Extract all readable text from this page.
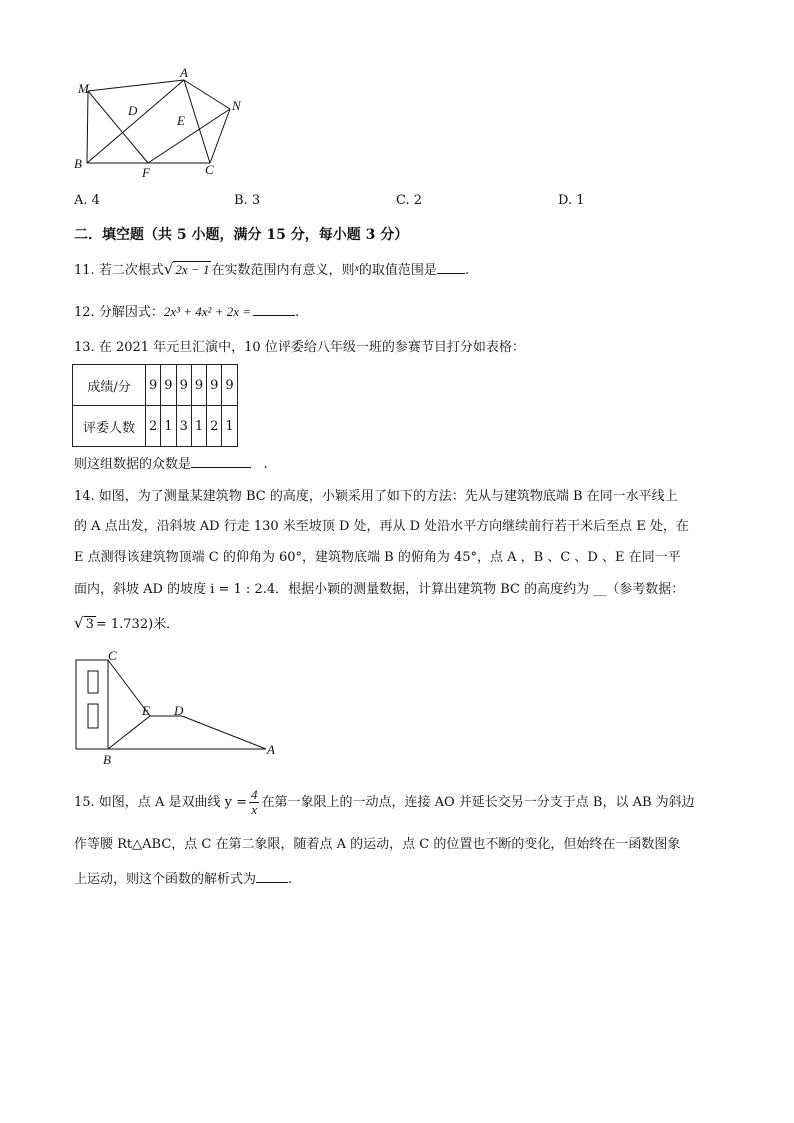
M
A
N
D
E
B
F	C
A. 4	B. 3	C. 2	D. 1
二．填空题（共 5 小题，满分 15 分，每小题 3 分）
11. 若二次根式√ 2x − 1 在实数范围内有意义，则$^x$的取值范围是 .
12. 分解因式：2x³ + 4x² + 2x =	.
13. 在 2021 年元旦汇演中，10 位评委给八年级一班的参赛节目打分如表格：
成绩/分	9	9	9	9	9	9
评委人数	2	1	3	1	2	1
则这组数据的众数是	.
14. 如图，为了测量某建筑物 BC 的高度，小颖采用了如下的方法：先从与建筑物底端 B 在同一水平线上
的 A 点出发，沿斜坡 AD 行走 130 米至坡顶 D 处，再从 D 处沿水平方向继续前行若干米后至点 E 处，在
E 点测得该建筑物顶端 C 的仰角为 60°，建筑物底端 B 的俯角为 45°，点 A ，B 、C 、D 、E 在同一平
面内，斜坡 AD 的坡度 i = 1 : 2.4．根据小颖的测量数据，计算出建筑物 BC 的高度约为 __（参考数据：
√ 3 = 1.732)米．
C
E D
B
A
15. 如图，点 A 是双曲线 $y = \frac{4}{x}$ 在第一象限上的一动点，连接 AO 并延长交另一分支于点 B，以 AB 为斜边
作等腰 Rt△ABC，点 C 在第二象限，随着点 A 的运动，点 C 的位置也不断的变化，但始终在一函数图象
上运动，则这个函数的解析式为 .
